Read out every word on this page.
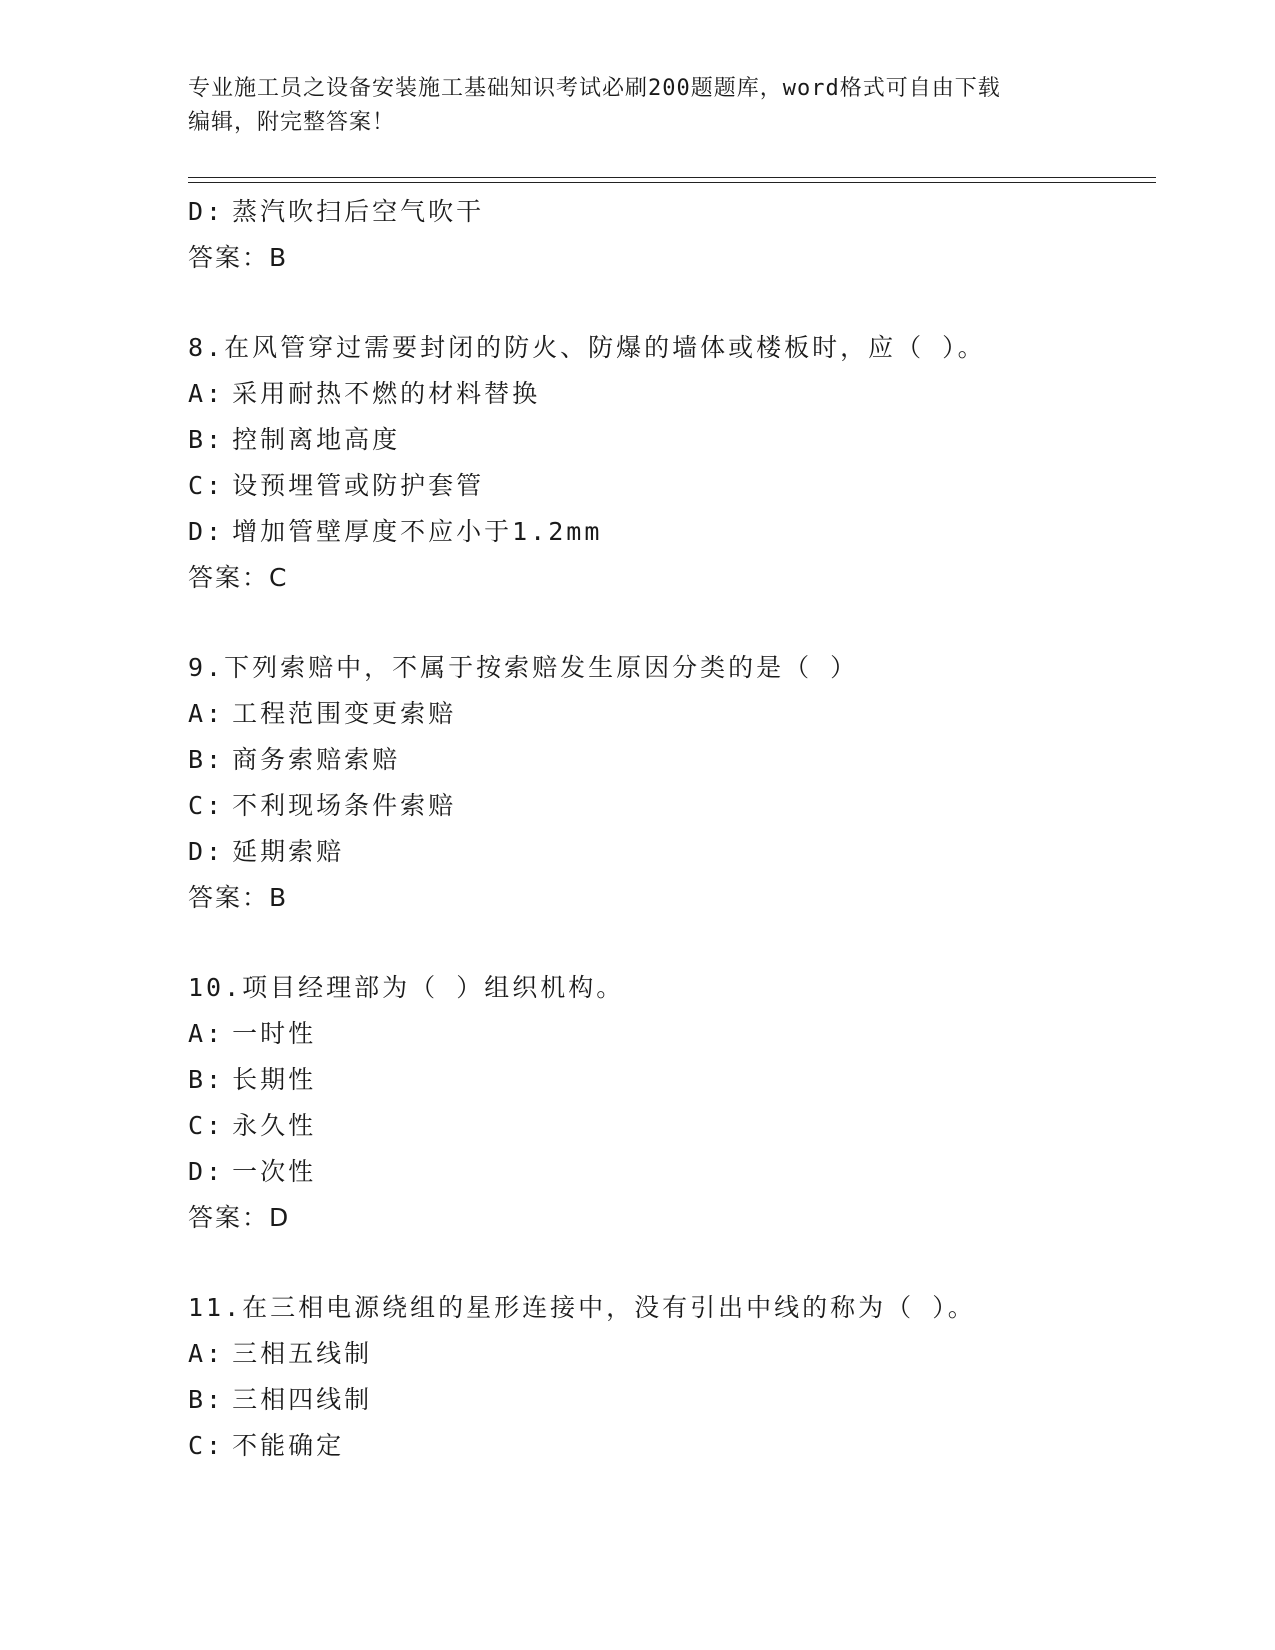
专业施工员之设备安装施工基础知识考试必刷200题题库，word格式可自由下载
编辑，附完整答案！
D: 蒸汽吹扫后空气吹干
答案：B
8.在风管穿过需要封闭的防火、防爆的墙体或楼板时，应（ ）。
A: 采用耐热不燃的材料替换
B: 控制离地高度
C: 设预埋管或防护套管
D: 增加管壁厚度不应小于1.2mm
答案：C
9.下列索赔中，不属于按索赔发生原因分类的是（ ）
A: 工程范围变更索赔
B: 商务索赔索赔
C: 不利现场条件索赔
D: 延期索赔
答案：B
10.项目经理部为（ ）组织机构。
A: 一时性
B: 长期性
C: 永久性
D: 一次性
答案：D
11.在三相电源绕组的星形连接中，没有引出中线的称为（ ）。
A: 三相五线制
B: 三相四线制
C: 不能确定
